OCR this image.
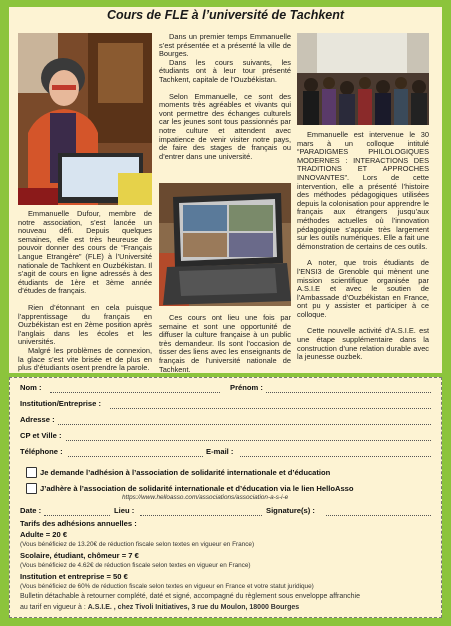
Cours de FLE à l’université de Tachkent

Emmanuelle Dufour, membre de notre association, s’est lancée un nouveau défi. Depuis quelques semaines, elle est très heureuse de pouvoir donner des cours de “Français Langue Etrangère” (FLE) à l’Université nationale de Tachkent en Ouzbékistan. Il s’agit de cours en ligne adressés à des étudiants de 1ère et 3ème année d’études de français.

Rien d’étonnant en cela puisque l’apprentissage du français en Ouzbékistan est en 2ème position après l’anglais dans les écoles et les universités.

Malgré les problèmes de connexion, la glace s’est vite brisée et de plus en plus d’étudiants osent prendre la parole.

Dans un premier temps Emmanuelle s’est présentée et a présenté la ville de Bourges.

Dans les cours suivants, les étudiants ont à leur tour présenté Tachkent, capitale de l’Ouzbékistan.

Selon Emmanuelle, ce sont des moments très agréables et vivants qui vont permettre des échanges culturels car les jeunes sont tous passionnés par notre culture et attendent avec impatience de venir visiter notre pays, de faire des stages de français ou d’entrer dans une université.

Ces cours ont lieu une fois par semaine et sont une opportunité de diffuser la culture française à un public très demandeur. Ils sont l’occasion de tisser des liens avec les enseignants de français de l’université nationale de Tachkent.

Emmanuelle est intervenue le 30 mars à un colloque intitulé “PARADIGMES PHILOLOGIQUES MODERNES : INTERACTIONS DES TRADITIONS ET APPROCHES INNOVANTES”. Lors de cette intervention, elle a présenté l’histoire des méthodes pédagogiques utilisées depuis la colonisation pour apprendre le français aux étrangers jusqu’aux méthodes actuelles où l’innovation pédagogique s’appuie très largement sur les outils numériques. Elle a fait une démonstration de certains de ces outils.

A noter, que trois étudiants de l’ENSI3 de Grenoble qui mènent une mission scientifique organisée par A.S.I.E et avec le soutien de l’Ambassade d’Ouzbékistan en France, ont pu y assister et participer à ce colloque.

Cette nouvelle activité d’A.S.I.E. est une étape supplémentaire dans la construction d’une relation durable avec la jeunesse ouzbek.

Nom :	Prénom :
Institution/Entreprise :
Adresse :
CP et Ville :
Téléphone :	E-mail :
Je demande l’adhésion à l’association de solidarité internationale et d’éducation
J’adhère à l’association de solidarité internationale et d’éducation via le lien HelloAsso
https://www.helloasso.com/associations/association-a-s-i-e
Date :	Lieu :	Signature(s) :
Tarifs des adhésions annuelles :
Adulte = 20 €
(Vous bénéficiez de 13.20€ de réduction fiscale selon textes en vigueur en France)
Scolaire, étudiant, chômeur = 7 €
(Vous bénéficiez de 4.62€ de réduction fiscale selon textes en vigueur en France)
Institution et entreprise = 50 €
(Vous bénéficiez de 60% de réduction fiscale selon textes en vigueur en France et votre statut juridique)
Bulletin détachable à retourner complété, daté et signé, accompagné du règlement sous enveloppe affranchie
au tarif en vigueur à : A.S.I.E. , chez Tivoli Initiatives, 3 rue du Moulon, 18000 Bourges
